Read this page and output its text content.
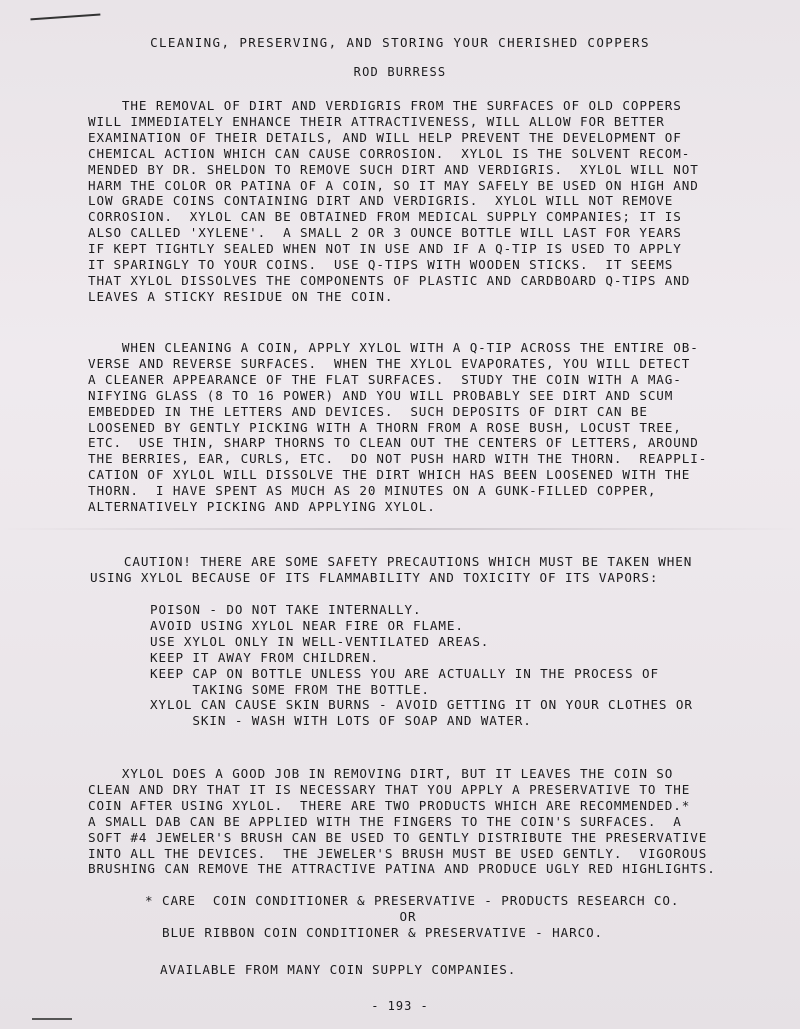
CLEANING, PRESERVING, AND STORING YOUR CHERISHED COPPERS
ROD BURRESS
THE REMOVAL OF DIRT AND VERDIGRIS FROM THE SURFACES OF OLD COPPERS
WILL IMMEDIATELY ENHANCE THEIR ATTRACTIVENESS, WILL ALLOW FOR BETTER
EXAMINATION OF THEIR DETAILS, AND WILL HELP PREVENT THE DEVELOPMENT OF
CHEMICAL ACTION WHICH CAN CAUSE CORROSION.  XYLOL IS THE SOLVENT RECOM-
MENDED BY DR. SHELDON TO REMOVE SUCH DIRT AND VERDIGRIS.  XYLOL WILL NOT
HARM THE COLOR OR PATINA OF A COIN, SO IT MAY SAFELY BE USED ON HIGH AND
LOW GRADE COINS CONTAINING DIRT AND VERDIGRIS.  XYLOL WILL NOT REMOVE
CORROSION.  XYLOL CAN BE OBTAINED FROM MEDICAL SUPPLY COMPANIES; IT IS
ALSO CALLED 'XYLENE'.  A SMALL 2 OR 3 OUNCE BOTTLE WILL LAST FOR YEARS
IF KEPT TIGHTLY SEALED WHEN NOT IN USE AND IF A Q-TIP IS USED TO APPLY
IT SPARINGLY TO YOUR COINS.  USE Q-TIPS WITH WOODEN STICKS.  IT SEEMS
THAT XYLOL DISSOLVES THE COMPONENTS OF PLASTIC AND CARDBOARD Q-TIPS AND
LEAVES A STICKY RESIDUE ON THE COIN.
WHEN CLEANING A COIN, APPLY XYLOL WITH A Q-TIP ACROSS THE ENTIRE OB-
VERSE AND REVERSE SURFACES.  WHEN THE XYLOL EVAPORATES, YOU WILL DETECT
A CLEANER APPEARANCE OF THE FLAT SURFACES.  STUDY THE COIN WITH A MAG-
NIFYING GLASS (8 TO 16 POWER) AND YOU WILL PROBABLY SEE DIRT AND SCUM
EMBEDDED IN THE LETTERS AND DEVICES.  SUCH DEPOSITS OF DIRT CAN BE
LOOSENED BY GENTLY PICKING WITH A THORN FROM A ROSE BUSH, LOCUST TREE,
ETC.  USE THIN, SHARP THORNS TO CLEAN OUT THE CENTERS OF LETTERS, AROUND
THE BERRIES, EAR, CURLS, ETC.  DO NOT PUSH HARD WITH THE THORN.  REAPPLI-
CATION OF XYLOL WILL DISSOLVE THE DIRT WHICH HAS BEEN LOOSENED WITH THE
THORN.  I HAVE SPENT AS MUCH AS 20 MINUTES ON A GUNK-FILLED COPPER,
ALTERNATIVELY PICKING AND APPLYING XYLOL.
CAUTION! THERE ARE SOME SAFETY PRECAUTIONS WHICH MUST BE TAKEN WHEN
USING XYLOL BECAUSE OF ITS FLAMMABILITY AND TOXICITY OF ITS VAPORS:
POISON - DO NOT TAKE INTERNALLY.
AVOID USING XYLOL NEAR FIRE OR FLAME.
USE XYLOL ONLY IN WELL-VENTILATED AREAS.
KEEP IT AWAY FROM CHILDREN.
KEEP CAP ON BOTTLE UNLESS YOU ARE ACTUALLY IN THE PROCESS OF
TAKING SOME FROM THE BOTTLE.
XYLOL CAN CAUSE SKIN BURNS - AVOID GETTING IT ON YOUR CLOTHES OR
SKIN - WASH WITH LOTS OF SOAP AND WATER.
XYLOL DOES A GOOD JOB IN REMOVING DIRT, BUT IT LEAVES THE COIN SO
CLEAN AND DRY THAT IT IS NECESSARY THAT YOU APPLY A PRESERVATIVE TO THE
COIN AFTER USING XYLOL.  THERE ARE TWO PRODUCTS WHICH ARE RECOMMENDED.*
A SMALL DAB CAN BE APPLIED WITH THE FINGERS TO THE COIN'S SURFACES.  A
SOFT #4 JEWELER'S BRUSH CAN BE USED TO GENTLY DISTRIBUTE THE PRESERVATIVE
INTO ALL THE DEVICES.  THE JEWELER'S BRUSH MUST BE USED GENTLY.  VIGOROUS
BRUSHING CAN REMOVE THE ATTRACTIVE PATINA AND PRODUCE UGLY RED HIGHLIGHTS.
* CARE  COIN CONDITIONER & PRESERVATIVE - PRODUCTS RESEARCH CO.
OR
BLUE RIBBON COIN CONDITIONER & PRESERVATIVE - HARCO.
AVAILABLE FROM MANY COIN SUPPLY COMPANIES.
- 193 -
